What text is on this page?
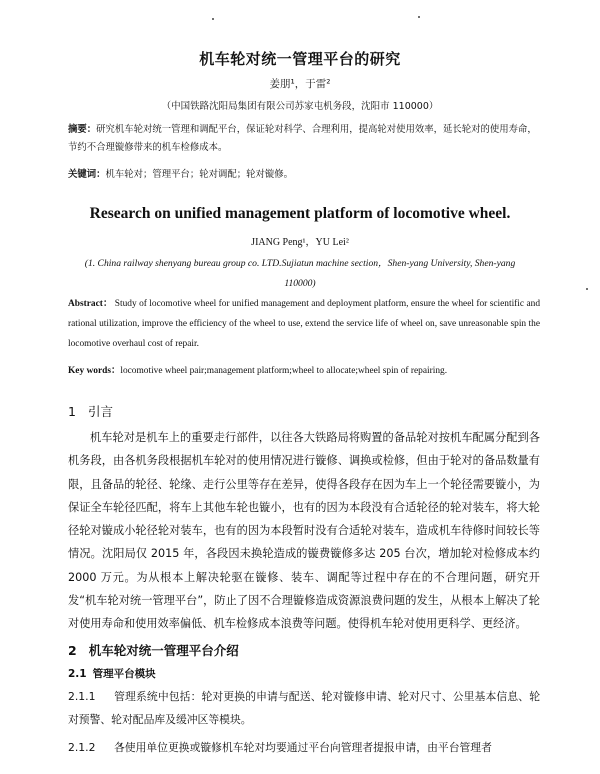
机车轮对统一管理平台的研究
姜朋¹，于雷²
（中国铁路沈阳局集团有限公司苏家屯机务段，沈阳市 110000）
摘要：研究机车轮对统一管理和调配平台，保证轮对科学、合理利用，提高轮对使用效率，延长轮对的使用寿命，节约不合理镟修带来的机车检修成本。
关键词：机车轮对；管理平台；轮对调配；轮对镟修。
Research on unified management platform of locomotive wheel.
JIANG Peng¹，YU Lei²
(1. China railway shenyang bureau group co. LTD.Sujiatun machine section，Shen-yang University, Shen-yang 110000)
Abstract： Study of locomotive wheel for unified management and deployment platform, ensure the wheel for scientific and rational utilization, improve the efficiency of the wheel to use, extend the service life of wheel on, save unreasonable spin the locomotive overhaul cost of repair.
Key words：locomotive wheel pair;management platform;wheel to allocate;wheel spin of repairing.
1 引言
机车轮对是机车上的重要走行部件，以往各大铁路局将购置的备品轮对按机车配属分配到各机务段，由各机务段根据机车轮对的使用情况进行镟修、调换或检修，但由于轮对的备品数量有限，且备品的轮径、轮缘、走行公里等存在差异，使得各段存在因为车上一个轮径需要镟小，为保证全车轮径匹配，将车上其他车轮也镟小，也有的因为本段没有合适轮径的轮对装车，将大轮径轮对镟成小轮径轮对装车，也有的因为本段暂时没有合适轮对装车，造成机车待修时间较长等情况。沈阳局仅 2015 年，各段因未换轮造成的镟费镟修多达 205 台次，增加轮对检修成本约 2000 万元。为从根本上解决轮驱在镟修、装车、调配等过程中存在的不合理问题，研究开发“机车轮对统一管理平台”，防止了因不合理镟修造成资源浪费问题的发生，从根本上解决了轮对使用寿命和使用效率偏低、机车检修成本浪费等问题。使得机车轮对使用更科学、更经济。
2 机车轮对统一管理平台介绍
2.1 管理平台模块
2.1.1 管理系统中包括：轮对更换的申请与配送、轮对镟修申请、轮对尺寸、公里基本信息、轮对预警、轮对配品库及缓冲区等模块。
2.1.2 各使用单位更换或镟修机车轮对均要通过平台向管理者提报申请，由平台管理者
